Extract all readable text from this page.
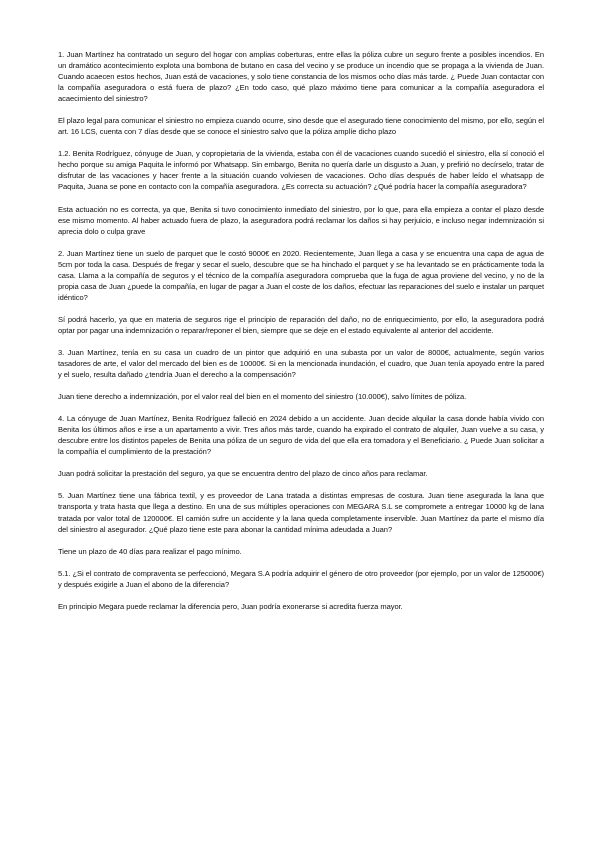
1. Juan Martínez ha contratado un seguro del hogar con amplias coberturas, entre ellas la póliza cubre un seguro frente a posibles incendios. En un dramático acontecimiento explota una bombona de butano en casa del vecino y se produce un incendio que se propaga a la vivienda de Juan. Cuando acaecen estos hechos, Juan está de vacaciones, y solo tiene constancia de los mismos ocho días más tarde. ¿ Puede Juan contactar con la compañía aseguradora o está fuera de plazo? ¿En todo caso, qué plazo máximo tiene para comunicar a la compañía aseguradora el acaecimiento del siniestro?

El plazo legal para comunicar el siniestro no empieza cuando ocurre, sino desde que el asegurado tiene conocimiento del mismo, por ello, según el art. 16 LCS, cuenta con 7 días desde que se conoce el siniestro salvo que la póliza amplíe dicho plazo

1.2. Benita Rodríguez, cónyuge de Juan, y copropietaria de la vivienda, estaba con él de vacaciones cuando sucedió el siniestro, ella sí conoció el hecho porque su amiga Paquita le informó por Whatsapp. Sin embargo, Benita no quería darle un disgusto a Juan, y prefirió no decírselo, tratar de disfrutar de las vacaciones y hacer frente a la situación cuando volviesen de vacaciones. Ocho días después de haber leído el whatsapp de Paquita, Juana se pone en contacto con la compañía aseguradora. ¿Es correcta su actuación? ¿Qué podría hacer la compañía aseguradora?

Esta actuación no es correcta, ya que, Benita si tuvo conocimiento inmediato del siniestro, por lo que, para ella empieza a contar el plazo desde ese mismo momento. Al haber actuado fuera de plazo, la aseguradora podrá reclamar los daños si hay perjuicio, e incluso negar indemnización si aprecia dolo o culpa grave

2. Juan Martínez tiene un suelo de parquet que le costó 9000€ en 2020. Recientemente, Juan llega a casa y se encuentra una capa de agua de 5cm por toda la casa. Después de fregar y secar el suelo, descubre que se ha hinchado el parquet y se ha levantado se en prácticamente toda la casa. Llama a la compañía de seguros y el técnico de la compañía aseguradora comprueba que la fuga de agua proviene del vecino, y no de la propia casa de Juan ¿puede la compañía, en lugar de pagar a Juan el coste de los daños, efectuar las reparaciones del suelo e instalar un parquet idéntico?

Sí podrá hacerlo, ya que en materia de seguros rige el principio de reparación del daño, no de enriquecimiento, por ello, la aseguradora podrá optar por pagar una indemnización o reparar/reponer el bien, siempre que se deje en el estado equivalente al anterior del accidente.

3. Juan Martínez, tenía en su casa un cuadro de un pintor que adquirió en una subasta por un valor de 8000€, actualmente, según varios tasadores de arte, el valor del mercado del bien es de 10000€. Si en la mencionada inundación, el cuadro, que Juan tenía apoyado entre la pared y el suelo, resulta dañado ¿tendría Juan el derecho a la compensación?

Juan tiene derecho a indemnización, por el valor real del bien en el momento del siniestro (10.000€), salvo límites de póliza.

4. La cónyuge de Juan Martínez, Benita Rodríguez falleció en 2024 debido a un accidente. Juan decide alquilar la casa donde había vivido con Benita los últimos años e irse a un apartamento a vivir. Tres años más tarde, cuando ha expirado el contrato de alquiler, Juan vuelve a su casa, y descubre entre los distintos papeles de Benita una póliza de un seguro de vida del que ella era tomadora y el Beneficiario. ¿ Puede Juan solicitar a la compañía el cumplimiento de la prestación?

Juan podrá solicitar la prestación del seguro, ya que se encuentra dentro del plazo de cinco años para reclamar.

5. Juan Martínez tiene una fábrica textil, y es proveedor de Lana tratada a distintas empresas de costura. Juan tiene asegurada la lana que transporta y trata hasta que llega a destino. En una de sus múltiples operaciones con MEGARA S.L se compromete a entregar 10000 kg de lana tratada por valor total de 120000€. El camión sufre un accidente y la lana queda completamente inservible. Juan Martínez da parte el mismo día del siniestro al asegurador. ¿Qué plazo tiene este para abonar la cantidad mínima adeudada a Juan?

Tiene un plazo de 40 días para realizar el pago mínimo.

5.1. ¿Si el contrato de compraventa se perfeccionó, Megara S.A podría adquirir el género de otro proveedor (por ejemplo, por un valor de 125000€) y después exigirle a Juan el abono de la diferencia?

En principio Megara puede reclamar la diferencia pero, Juan podría exonerarse si acredita fuerza mayor.
